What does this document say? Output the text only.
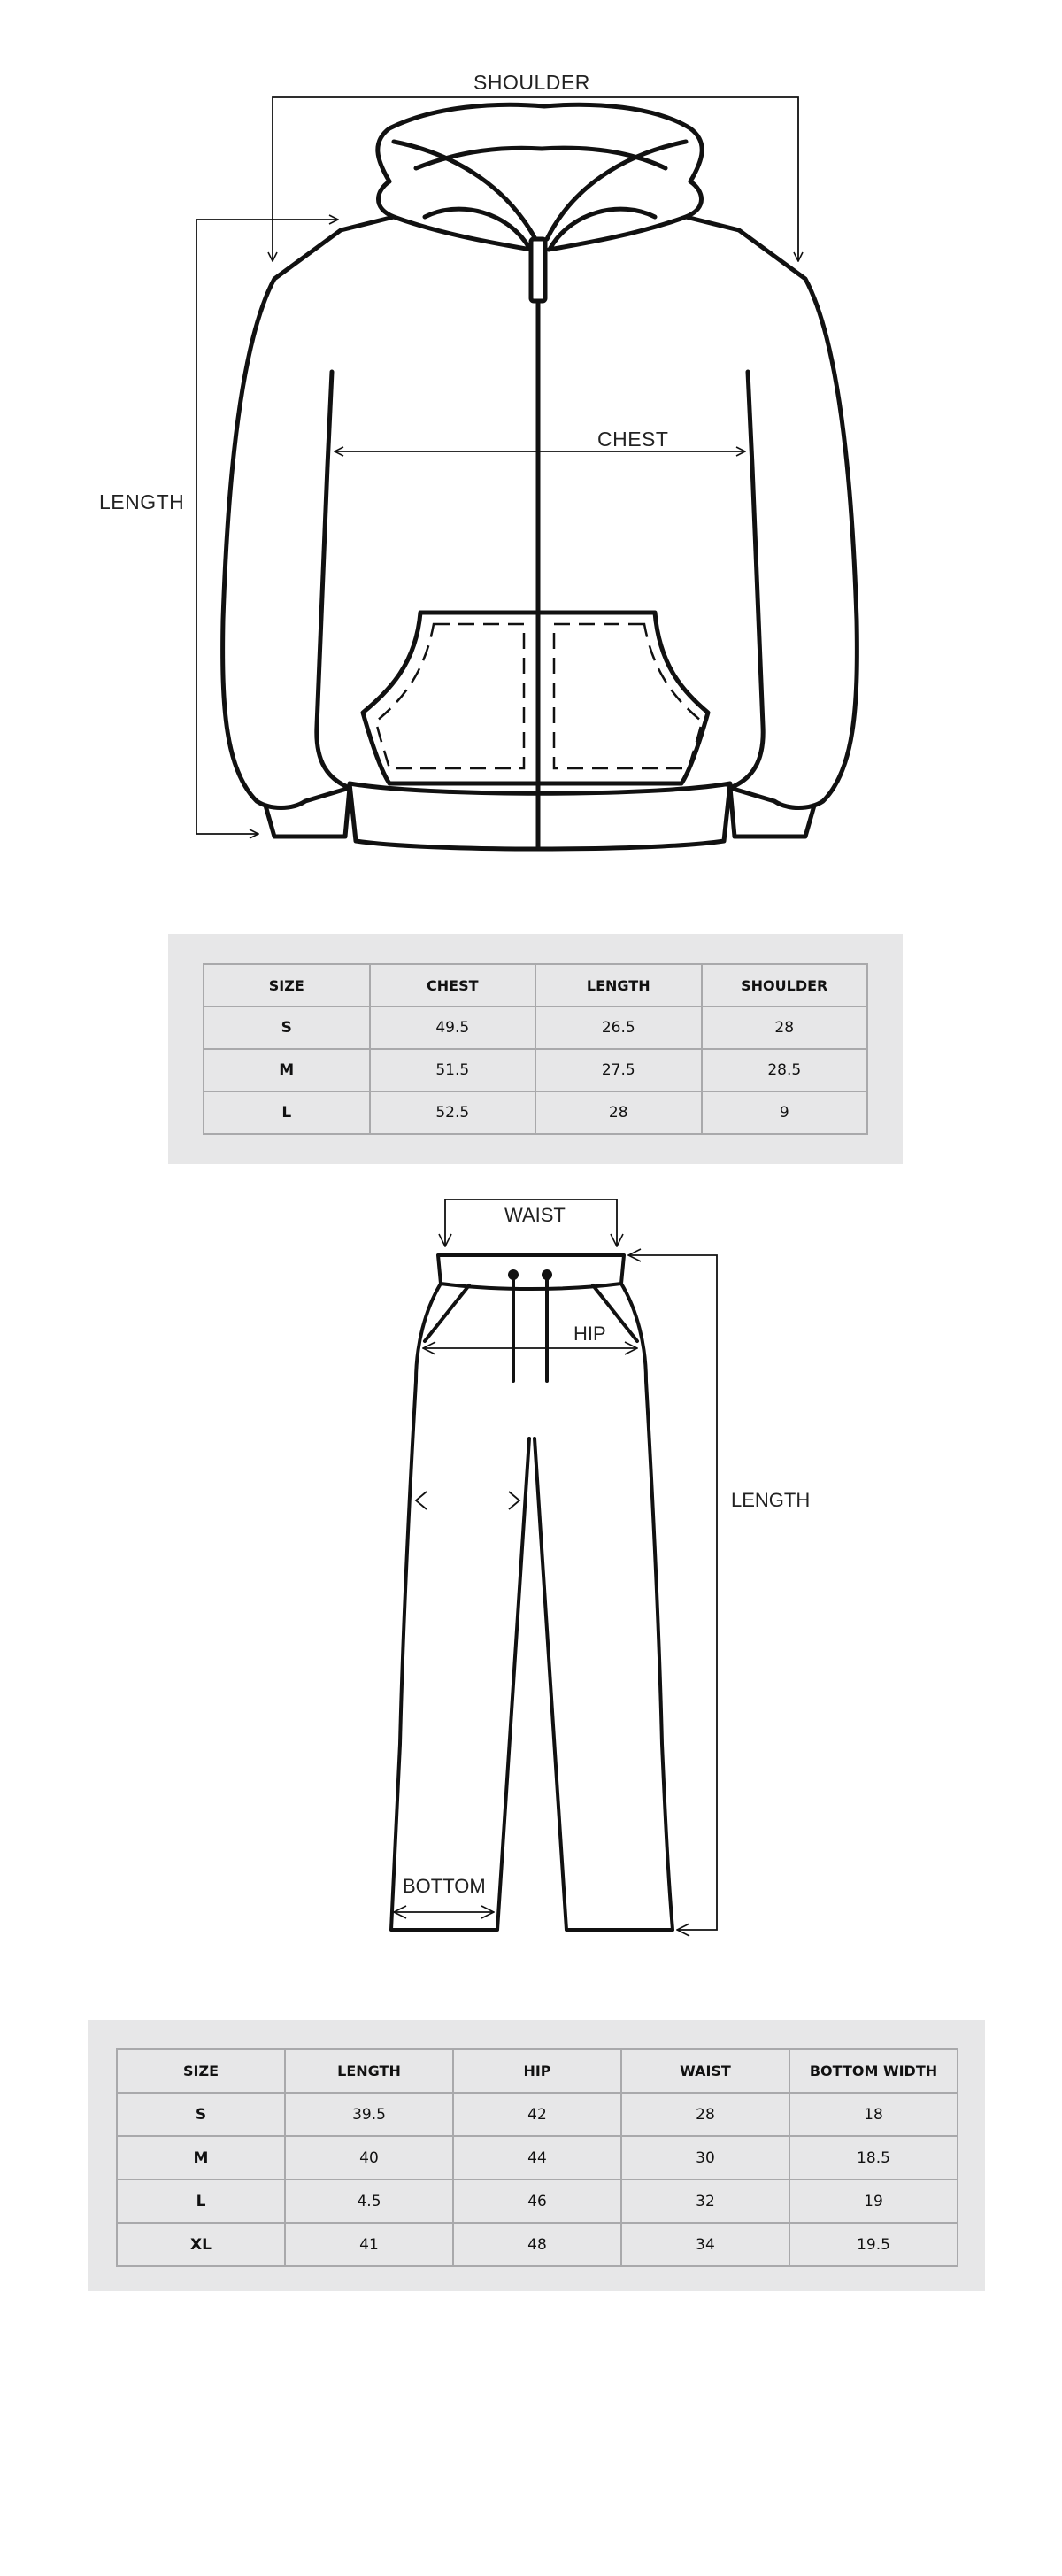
SHOULDER
CHEST
LENGTH
SIZE	CHEST	LENGTH	SHOULDER
S	49.5	26.5	28
M	51.5	27.5	28.5
L	52.5	28	9
WAIST
HIP
LENGTH
BOTTOM
SIZE	LENGTH	HIP	WAIST	BOTTOM WIDTH
S	39.5	42	28	18
M	40	44	30	18.5
L	4.5	46	32	19
XL	41	48	34	19.5
